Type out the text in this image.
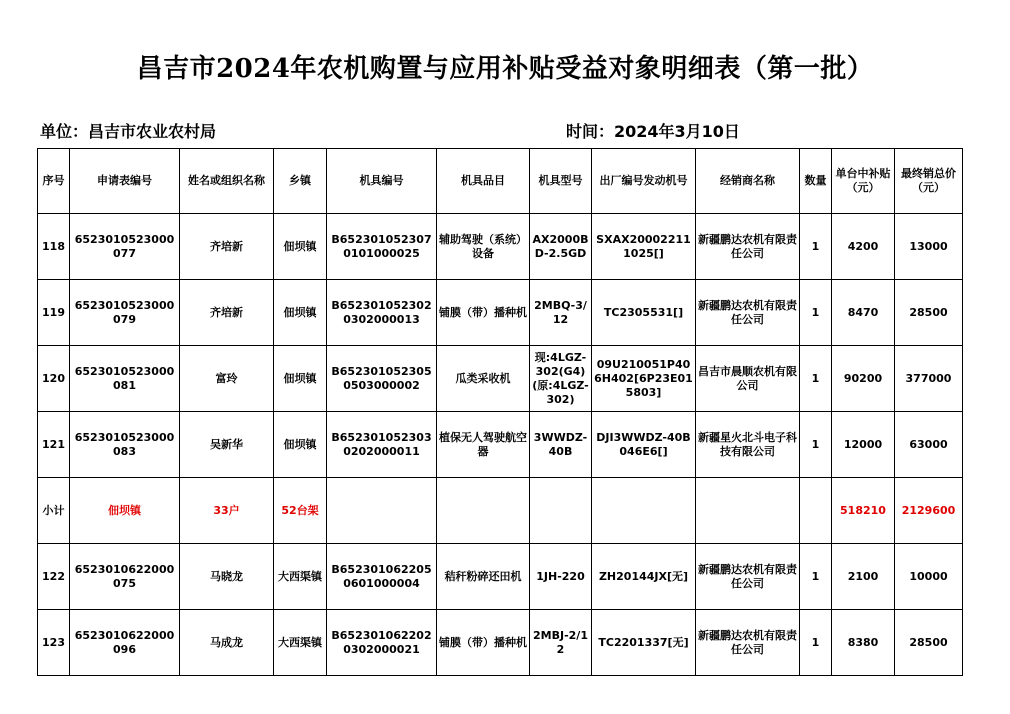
昌吉市2024年农机购置与应用补贴受益对象明细表（第一批）
单位：昌吉市农业农村局	时间：2024年3月10日
序号	申请表编号	姓名或组织名称	乡镇	机具编号	机具品目	机具型号	出厂编号发动机号	经销商名称	数量	单台中补贴（元）	最终销总价（元）
118	6523010523000077	齐培新	佃坝镇	B6523010523070101000025	辅助驾驶（系统）设备	AX2000BD-2.5GD	SXAX200022111025[]	新疆鹏达农机有限责任公司	1	4200	13000
119	6523010523000079	齐培新	佃坝镇	B6523010523020302000013	铺膜（带）播种机	2MBQ-3/12	TC2305531[]	新疆鹏达农机有限责任公司	1	8470	28500
120	6523010523000081	富玲	佃坝镇	B6523010523050503000002	瓜类采收机	现:4LGZ-302(G4)(原:4LGZ-302)	09U210051P406H402[6P23E015803]	昌吉市晨顺农机有限公司	1	90200	377000
121	6523010523000083	吴新华	佃坝镇	B6523010523030202000011	植保无人驾驶航空器	3WWDZ-40B	DJI3WWDZ-40B046E6[]	新疆星火北斗电子科技有限公司	1	12000	63000
小计	佃坝镇	33户	52台架							518210	2129600
122	6523010622000075	马晓龙	大西渠镇	B6523010622050601000004	秸秆粉碎还田机	1JH-220	ZH20144JX[无]	新疆鹏达农机有限责任公司	1	2100	10000
123	6523010622000096	马成龙	大西渠镇	B6523010622020302000021	铺膜（带）播种机	2MBJ-2/12	TC2201337[无]	新疆鹏达农机有限责任公司	1	8380	28500
